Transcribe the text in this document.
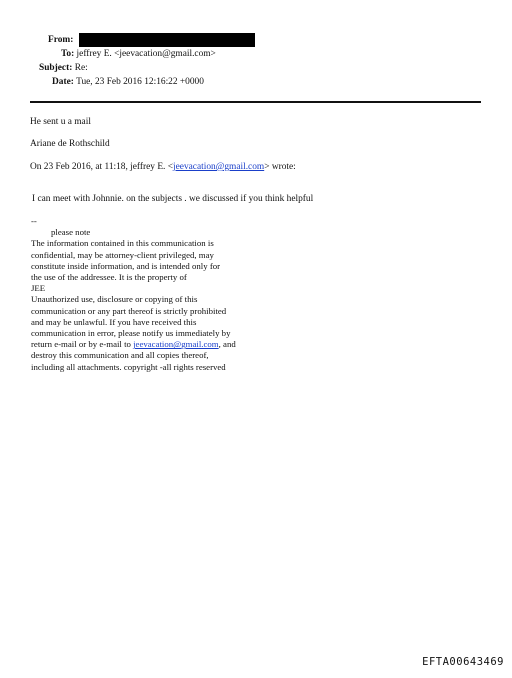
From:
To: jeffrey E. <jeevacation@gmail.com>
Subject: Re:
Date: Tue, 23 Feb 2016 12:16:22 +0000
He sent u a mail
Ariane de Rothschild
On 23 Feb 2016, at 11:18, jeffrey E. <jeevacation@gmail.com> wrote:
I can meet with Johnnie. on the subjects . we discussed if you think helpful
--
please note
The information contained in this communication is
confidential, may be attorney-client privileged, may
constitute inside information, and is intended only for
the use of the addressee. It is the property of
JEE
Unauthorized use, disclosure or copying of this
communication or any part thereof is strictly prohibited
and may be unlawful. If you have received this
communication in error, please notify us immediately by
return e-mail or by e-mail to jeevacation@gmail.com, and
destroy this communication and all copies thereof,
including all attachments. copyright -all rights reserved
EFTA00643469
